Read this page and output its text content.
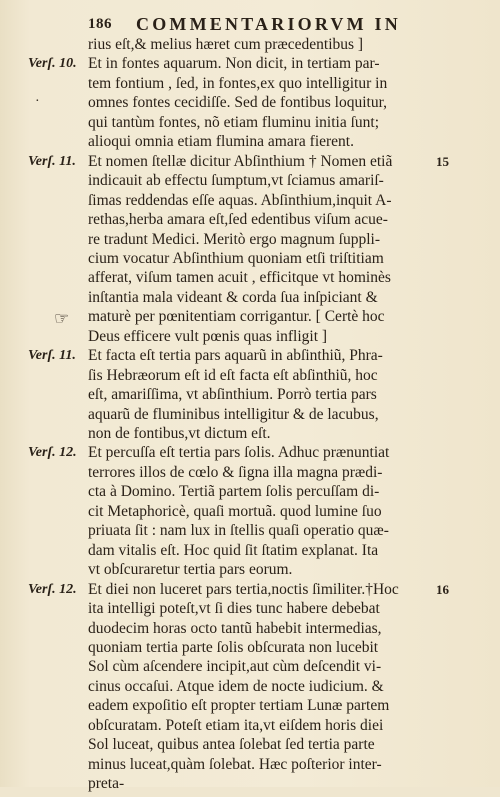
186 COMMENTARIORVM IN
rius eſt,& melius hæret cum præcedentibus ]
Verſ. 10. Et in fontes aquarum. Non dicit, in tertiam par-
tem fontium , ſed, in fontes,ex quo intelligitur in
·	omnes fontes cecidiſſe. Sed de fontibus loquitur,
qui tantùm fontes, nõ etiam fluminu initia ſunt;
alioqui omnia etiam flumina amara fierent.
Verſ. 11. Et nomen ſtellæ dicitur Abſinthium † Nomen etiã	15
indicauit ab effectu ſumptum,vt ſciamus amariſ-
ſimas reddendas eſſe aquas. Abſinthium,inquit A-
rethas,herba amara eſt,ſed edentibus viſum acue-
re tradunt Medici. Meritò ergo magnum ſuppli-
cium vocatur Abſinthium quoniam etſi triſtitiam
afferat, viſum tamen acuit , efficitque vt hominès
inſtantia mala videant & corda ſua inſpiciant &
☞ maturè per pœnitentiam corrigantur. [ Certè hoc
Deus efficere vult pœnis quas infligit ]
Verſ. 11. Et facta eſt tertia pars aquarũ in abſinthiũ, Phra-
ſis Hebræorum eſt id eſt facta eſt abſinthiũ, hoc
eſt, amariſſima, vt abſinthium. Porrò tertia pars
aquarũ de fluminibus intelligitur & de lacubus,
non de fontibus,vt dictum eſt.
Verſ. 12. Et percuſſa eſt tertia pars ſolis. Adhuc prænuntiat
terrores illos de cœlo & ſigna illa magna prædi-
cta à Domino. Tertiã partem ſolis percuſſam di-
cit Metaphoricè, quaſi mortuã. quod lumine ſuo
priuata ſit : nam lux in ſtellis quaſi operatio quæ-
dam vitalis eſt. Hoc quid ſit ſtatim explanat. Ita
vt obſcuraretur tertia pars eorum.
Verſ. 12. Et diei non luceret pars tertia,noctis ſimiliter.†Hoc	16
ita intelligi poteſt,vt ſi dies tunc habere debebat
duodecim horas octo tantũ habebit intermedias,
quoniam tertia parte ſolis obſcurata non lucebit
Sol cùm aſcendere incipit,aut cùm deſcendit vi-
cinus occaſui. Atque idem de nocte iudicium. &
eadem expoſitio eſt propter tertiam Lunæ partem
obſcuratam. Poteſt etiam ita,vt eiſdem horis diei
Sol luceat, quibus antea ſolebat ſed tertia parte
minus luceat,quàm ſolebat. Hæc poſterior inter-
preta-
